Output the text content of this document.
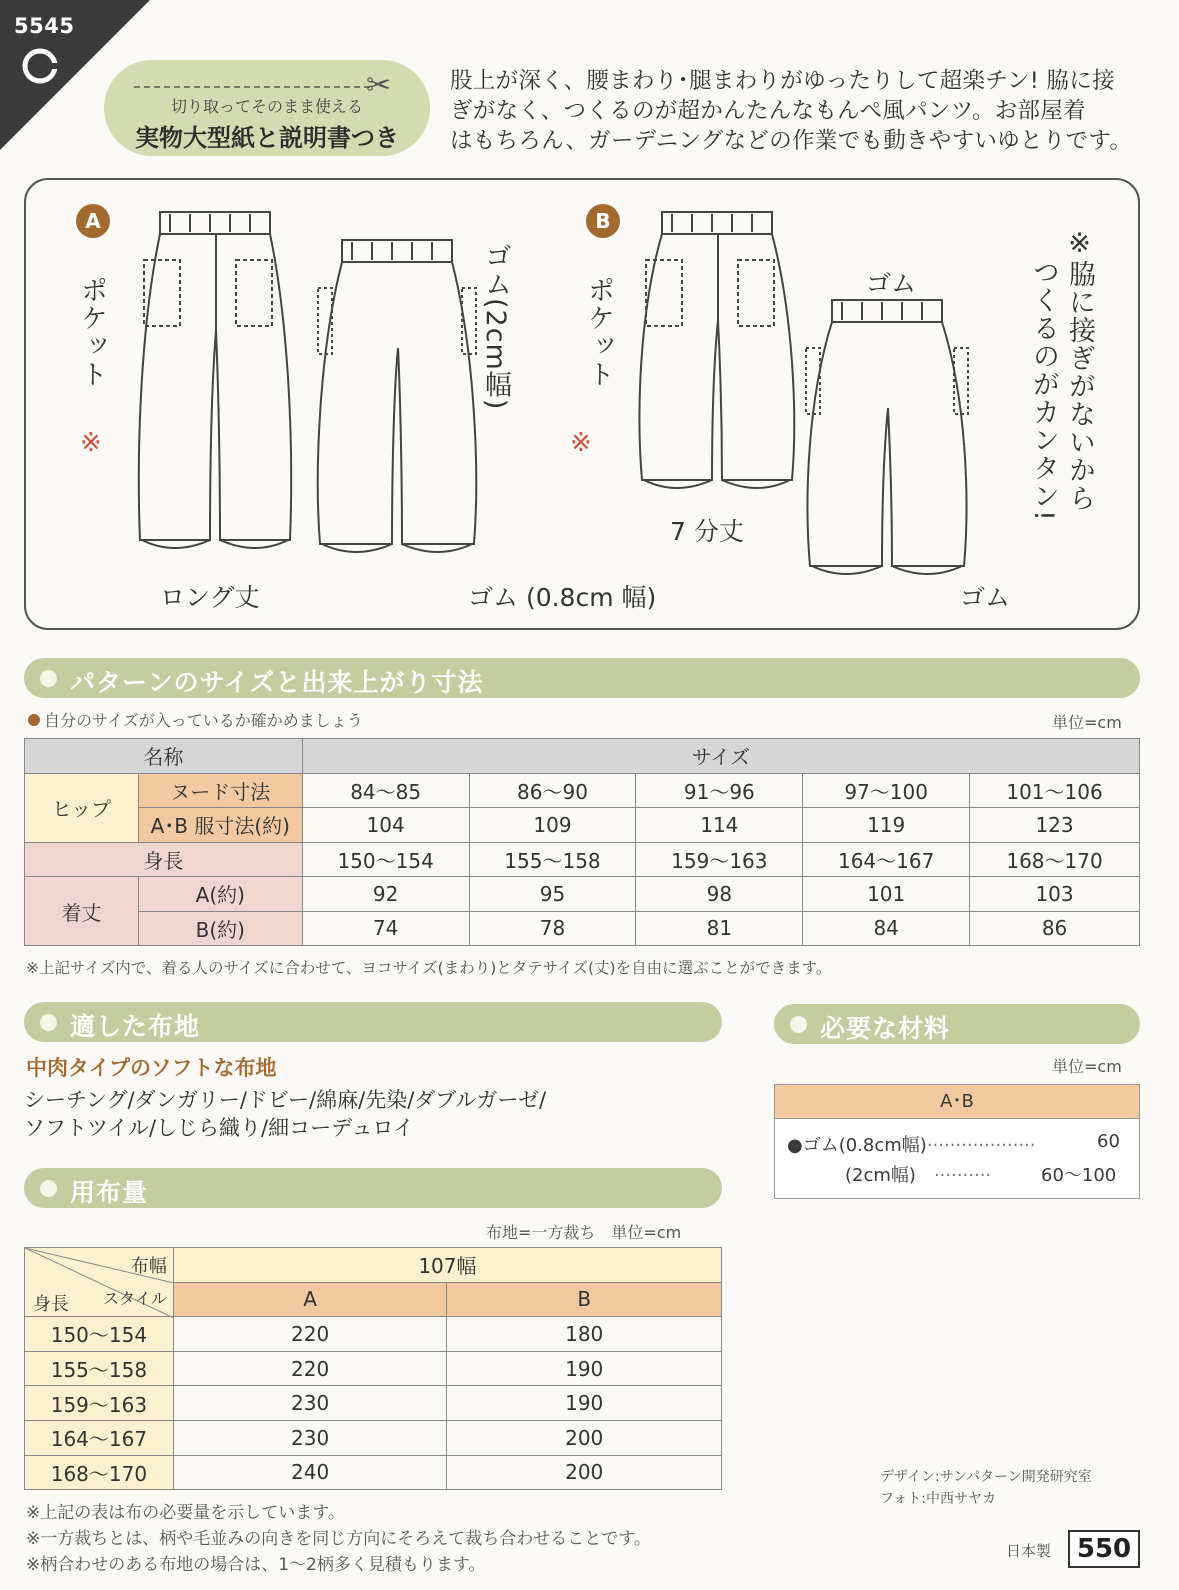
5545
✂
切り取ってそのまま使える
実物大型紙と説明書つき
股上が深く、腰まわり･腿まわりがゆったりして超楽チン! 脇に接
ぎがなく、つくるのが超かんたんなもんぺ風パンツ。お部屋着
はもちろん、ガーデニングなどの作業でも動きやすいゆとりです。
A	B
ポケット
※
ポケット
※
ゴム(2cm幅)
ゴム (0.8cm 幅)
ゴム
ゴム
ロング丈
7 分丈
※脇に接ぎがないから
つくるのがカンタン!
パターンのサイズと出来上がり寸法
自分のサイズが入っているか確かめましょう	単位=cm
名称		サイズ				
ヒップ	ヌード寸法	84〜85	86〜90	91〜96	97〜100	101〜106
	A･B 服寸法(約)	104	109	114	119	123
身長		150〜154	155〜158	159〜163	164〜167	168〜170
着丈	A(約)	92	95	98	101	103
	B(約)	74	78	81	84	86
※上記サイズ内で、着る人のサイズに合わせて、ヨコサイズ(まわり)とタテサイズ(丈)を自由に選ぶことができます。
適した布地
中肉タイプのソフトな布地
シーチング/ダンガリー/ドビー/綿麻/先染/ダブルガーゼ/
ソフトツイル/しじら織り/細コーデュロイ
必要な材料
単位=cm
A･B
●ゴム(0.8cm幅)···················	60
(2cm幅) ··········	60〜100
用布量
布地=一方裁ち　単位=cm
布幅
スタイル
身長	107幅	
	A	B
150〜154	220	180
155〜158	220	190
159〜163	230	190
164〜167	230	200
168〜170	240	200
※上記の表は布の必要量を示しています。
※一方裁ちとは、柄や毛並みの向きを同じ方向にそろえて裁ち合わせることです。
※柄合わせのある布地の場合は、1〜2柄多く見積もります。
デザイン:サンパターン開発研究室
フォト:中西サヤカ
日本製 550
